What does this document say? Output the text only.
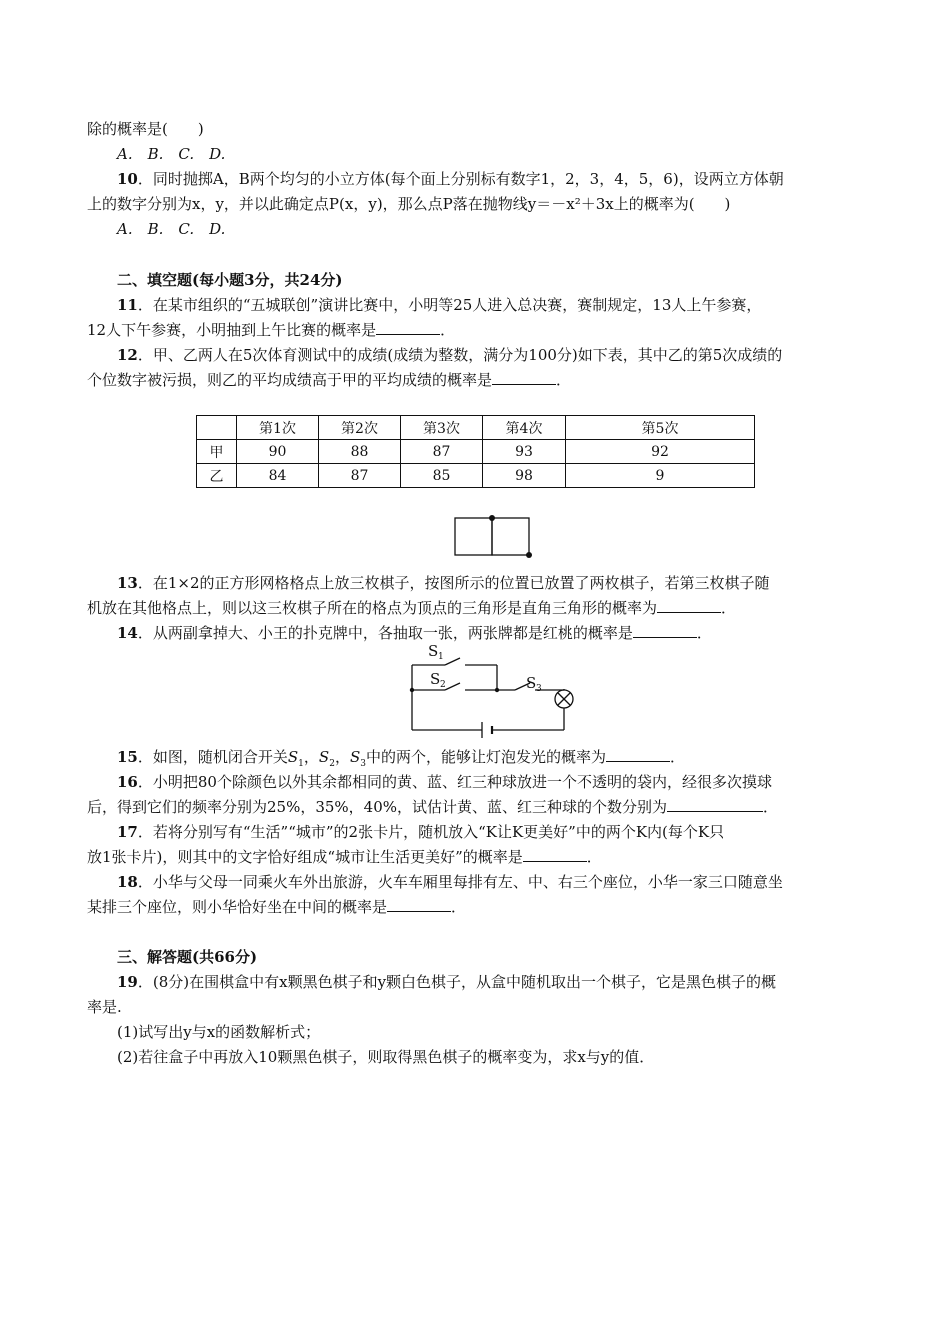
除的概率是(　　)
A.　B.　C.　D.
10．同时抛掷A，B两个均匀的小立方体(每个面上分别标有数字1，2，3，4，5，6)，设两立方体朝
上的数字分别为x，y，并以此确定点P(x，y)，那么点P落在抛物线y＝－x²＋3x上的概率为(　　)
A.　B.　C.　D.
二、填空题(每小题3分，共24分)
11．在某市组织的“五城联创”演讲比赛中，小明等25人进入总决赛，赛制规定，13人上午参赛，
12人下午参赛，小明抽到上午比赛的概率是	．
12．甲、乙两人在5次体育测试中的成绩(成绩为整数，满分为100分)如下表，其中乙的第5次成绩的
个位数字被污损，则乙的平均成绩高于甲的平均成绩的概率是	．
	第1次	第2次	第3次	第4次	第5次
甲	90	88	87	93	92
乙	84	87	85	98	9
13．在1×2的正方形网格格点上放三枚棋子，按图所示的位置已放置了两枚棋子，若第三枚棋子随
机放在其他格点上，则以这三枚棋子所在的格点为顶点的三角形是直角三角形的概率为	．
14．从两副拿掉大、小王的扑克牌中，各抽取一张，两张牌都是红桃的概率是	．
S 1
S 2	S 3
15．如图，随机闭合开关$S_1$，$S_2$，$S_3$中的两个，能够让灯泡发光的概率为	．
16．小明把80个除颜色以外其余都相同的黄、蓝、红三种球放进一个不透明的袋内，经很多次摸球
后，得到它们的频率分别为25%，35%，40%，试估计黄、蓝、红三种球的个数分别为	．
17．若将分别写有“生活”“城市”的2张卡片，随机放入“K让K更美好”中的两个K内(每个K只
放1张卡片)，则其中的文字恰好组成“城市让生活更美好”的概率是	．
18．小华与父母一同乘火车外出旅游，火车车厢里每排有左、中、右三个座位，小华一家三口随意坐
某排三个座位，则小华恰好坐在中间的概率是	．
三、解答题(共66分)
19．(8分)在围棋盒中有x颗黑色棋子和y颗白色棋子，从盒中随机取出一个棋子，它是黑色棋子的概
率是.
(1)试写出y与x的函数解析式；
(2)若往盒子中再放入10颗黑色棋子，则取得黑色棋子的概率变为，求x与y的值．
